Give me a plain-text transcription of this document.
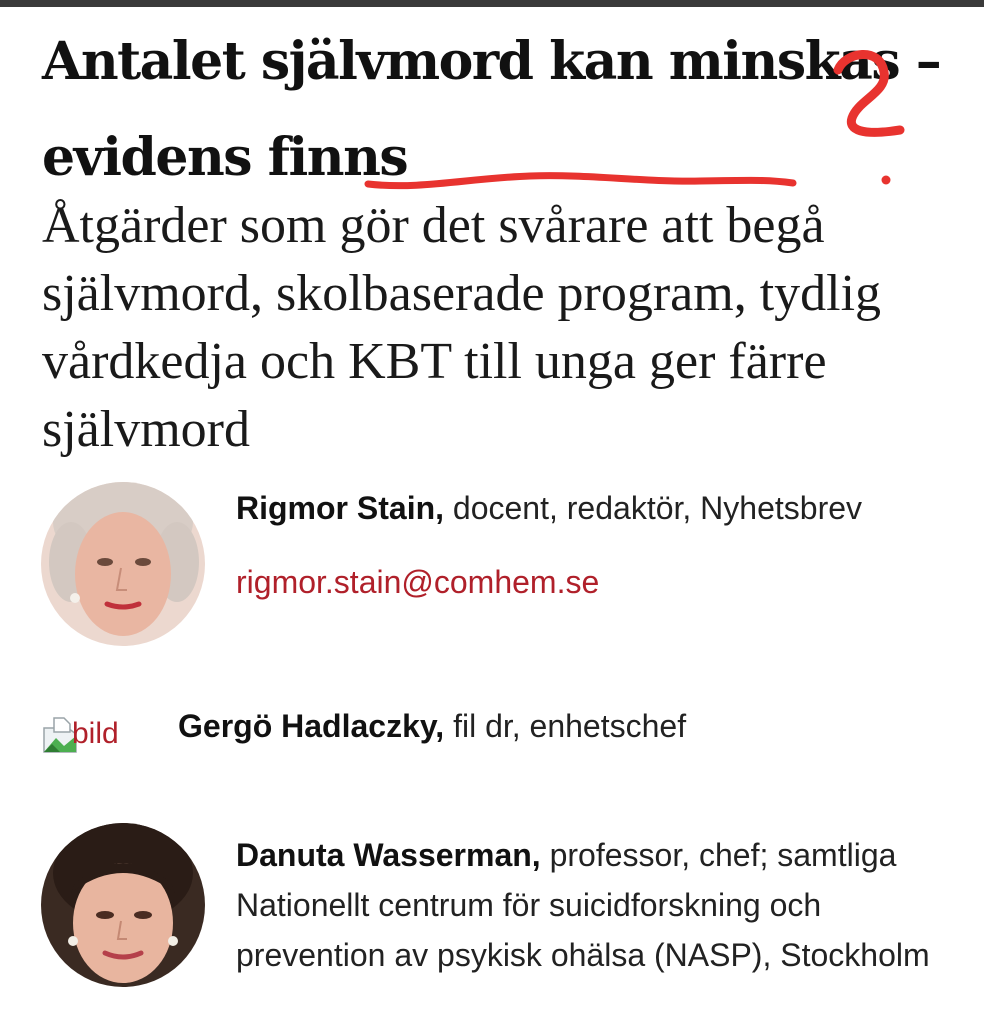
Antalet självmord kan minskas – evidens finns

Åtgärder som gör det svårare att begå självmord, skolbaserade program, tydlig vårdkedja och KBT till unga ger färre självmord

Rigmor Stain, docent, redaktör, Nyhetsbrev
rigmor.stain@comhem.se
bild Gergö Hadlaczky, fil dr, enhetschef
Danuta Wasserman, professor, chef; samtliga Nationellt centrum för suicidforskning och prevention av psykisk ohälsa (NASP), Stockholm
